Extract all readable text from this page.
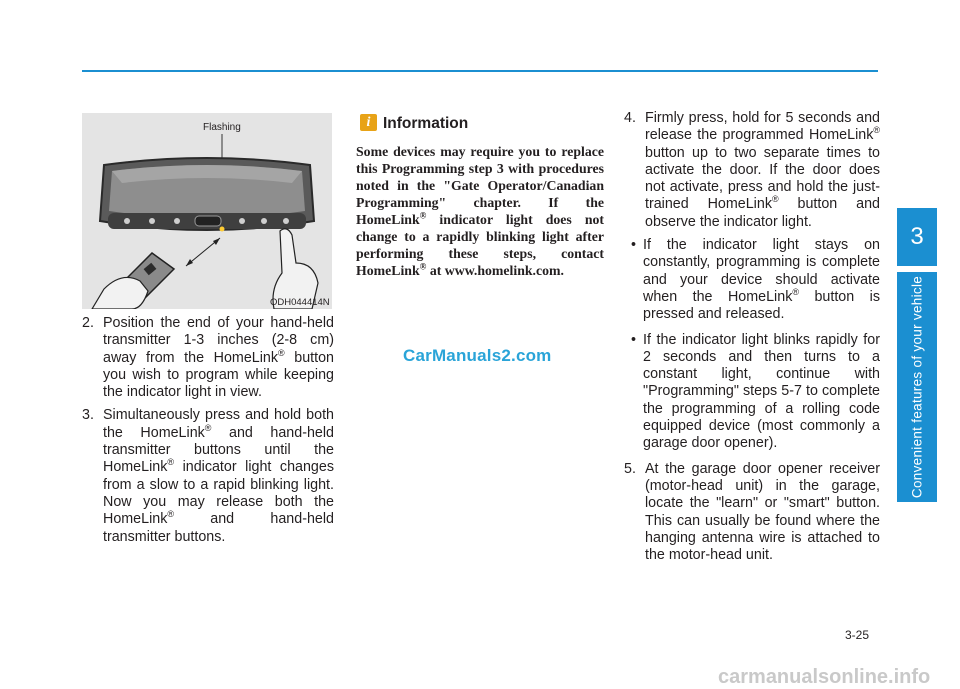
Flashing
ODH044414N

2. Position the end of your hand-held transmitter 1-3 inches (2-8 cm) away from the HomeLink® button you wish to program while keeping the indicator light in view.

3. Simultaneously press and hold both the HomeLink® and hand-held transmitter buttons until the HomeLink® indicator light changes from a slow to a rapid blinking light. Now you may release both the HomeLink® and hand-held transmitter buttons.

i Information
Some devices may require you to replace this Programming step 3 with procedures noted in the "Gate Operator/Canadian Programming" chapter. If the HomeLink® indicator light does not change to a rapidly blinking light after performing these steps, contact HomeLink® at www.homelink.com.
CarManuals2.com

4. Firmly press, hold for 5 seconds and release the programmed HomeLink® button up to two separate times to activate the door. If the door does not activate, press and hold the just-trained HomeLink® button and observe the indicator light.

• If the indicator light stays on constantly, programming is complete and your device should activate when the HomeLink® button is pressed and released.
• If the indicator light blinks rapidly for 2 seconds and then turns to a constant light, continue with "Programming" steps 5-7 to complete the programming of a rolling code equipped device (most commonly a garage door opener).

5. At the garage door opener receiver (motor-head unit) in the garage, locate the "learn" or "smart" button. This can usually be found where the hanging antenna wire is attached to the motor-head unit.

3
Convenient features of your vehicle
3-25
carmanualsonline.info
